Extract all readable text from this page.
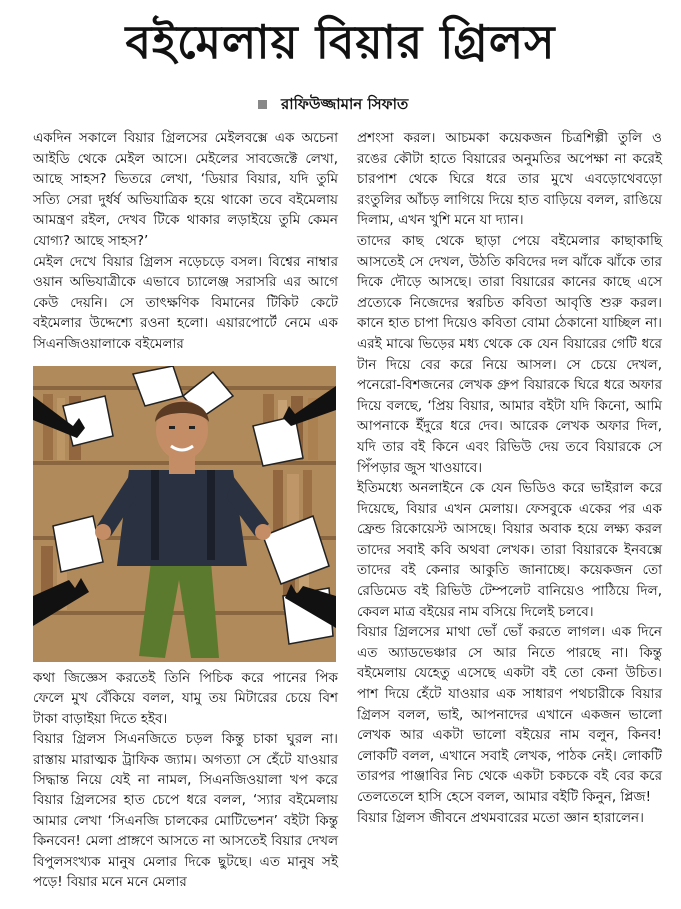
বইমেলায় বিয়ার গ্রিলস
রাফিউজ্জামান সিফাত

একদিন সকালে বিয়ার গ্রিলসের মেইলবক্সে এক অচেনা আইডি থেকে মেইল আসে। মেইলের সাবজেক্টে লেখা, আছে সাহস? ভিতরে লেখা, ‘ডিয়ার বিয়ার, যদি তুমি সত্যি সেরা দুর্ধর্ষ অভিযাত্রিক হয়ে থাকো তবে বইমেলায় আমন্ত্রণ রইল, দেখব টিকে থাকার লড়াইয়ে তুমি কেমন যোগ্য? আছে সাহস?’

মেইল দেখে বিয়ার গ্রিলস নড়েচড়ে বসল। বিশ্বের নাম্বার ওয়ান অভিযাত্রীকে এভাবে চ্যালেঞ্জ সরাসরি এর আগে কেউ দেয়নি। সে তাৎক্ষণিক বিমানের টিকিট কেটে বইমেলার উদ্দেশ্যে রওনা হলো। এয়ারপোর্টে নেমে এক সিএনজিওয়ালাকে বইমেলার

কথা জিজ্ঞেস করতেই তিনি পিচিক করে পানের পিক ফেলে মুখ বেঁকিয়ে বলল, যামু তয় মিটারের চেয়ে বিশ টাকা বাড়াইয়া দিতে হইব।

বিয়ার গ্রিলস সিএনজিতে চড়ল কিন্তু চাকা ঘুরল না। রাস্তায় মারাত্মক ট্রাফিক জ্যাম। অগত্যা সে হেঁটে যাওয়ার সিদ্ধান্ত নিয়ে যেই না নামল, সিএনজিওয়ালা খপ করে বিয়ার গ্রিলসের হাত চেপে ধরে বলল, ‘স্যার বইমেলায় আমার লেখা ‘সিএনজি চালকের মোটিভেশন’ বইটা কিন্তু কিনবেন! মেলা প্রাঙ্গণে আসতে না আসতেই বিয়ার দেখল বিপুলসংখ্যক মানুষ মেলার দিকে ছুটছে। এত মানুষ সই পড়ে! বিয়ার মনে মনে মেলার

প্রশংসা করল। আচমকা কয়েকজন চিত্রশিল্পী তুলি ও রঙের কৌটা হাতে বিয়ারের অনুমতির অপেক্ষা না করেই চারপাশ থেকে ঘিরে ধরে তার মুখে এবড়োথেবড়ো রংতুলির আঁচড় লাগিয়ে দিয়ে হাত বাড়িয়ে বলল, রাঙিয়ে দিলাম, এখন খুশি মনে যা দ্যান।

তাদের কাছ থেকে ছাড়া পেয়ে বইমেলার কাছাকাছি আসতেই সে দেখল, উঠতি কবিদের দল ঝাঁকে ঝাঁকে তার দিকে দৌড়ে আসছে। তারা বিয়ারের কানের কাছে এসে প্রত্যেকে নিজেদের স্বরচিত কবিতা আবৃত্তি শুরু করল। কানে হাত চাপা দিয়েও কবিতা বোমা ঠেকানো যাচ্ছিল না। এরই মাঝে ভিড়ের মধ্য থেকে কে যেন বিয়ারের গেটি ধরে টান দিয়ে বের করে নিয়ে আসল। সে চেয়ে দেখল, পনেরো-বিশজনের লেখক গ্রুপ বিয়ারকে ঘিরে ধরে অফার দিয়ে বলছে, ‘প্রিয় বিয়ার, আমার বইটা যদি কিনো, আমি আপনাকে ইঁদুরে ধরে দেব। আরেক লেখক অফার দিল, যদি তার বই কিনে এবং রিভিউ দেয় তবে বিয়ারকে সে পিঁপড়ার জুস খাওয়াবে।

ইতিমধ্যে অনলাইনে কে যেন ভিডিও করে ভাইরাল করে দিয়েছে, বিয়ার এখন মেলায়। ফেসবুকে একের পর এক ফ্রেন্ড রিকোয়েস্ট আসছে। বিয়ার অবাক হয়ে লক্ষ্য করল তাদের সবাই কবি অথবা লেখক। তারা বিয়ারকে ইনবক্সে তাদের বই কেনার আকুতি জানাচ্ছে। কয়েকজন তো রেডিমেড বই রিভিউ টেম্পলেট বানিয়েও পাঠিয়ে দিল, কেবল মাত্র বইয়ের নাম বসিয়ে দিলেই চলবে।

বিয়ার গ্রিলসের মাথা ভোঁ ভোঁ করতে লাগল। এক দিনে এত অ্যাডভেঞ্চার সে আর নিতে পারছে না। কিন্তু বইমেলায় যেহেতু এসেছে একটা বই তো কেনা উচিত। পাশ দিয়ে হেঁটে যাওয়ার এক সাধারণ পথচারীকে বিয়ার গ্রিলস বলল, ভাই, আপনাদের এখানে একজন ভালো লেখক আর একটা ভালো বইয়ের নাম বলুন, কিনব! লোকটি বলল, এখানে সবাই লেখক, পাঠক নেই। লোকটি তারপর পাঞ্জাবির নিচ থেকে একটা চকচকে বই বের করে তেলতেলে হাসি হেসে বলল, আমার বইটি কিনুন, প্লিজ!

বিয়ার গ্রিলস জীবনে প্রথমবারের মতো জ্ঞান হারালেন।
